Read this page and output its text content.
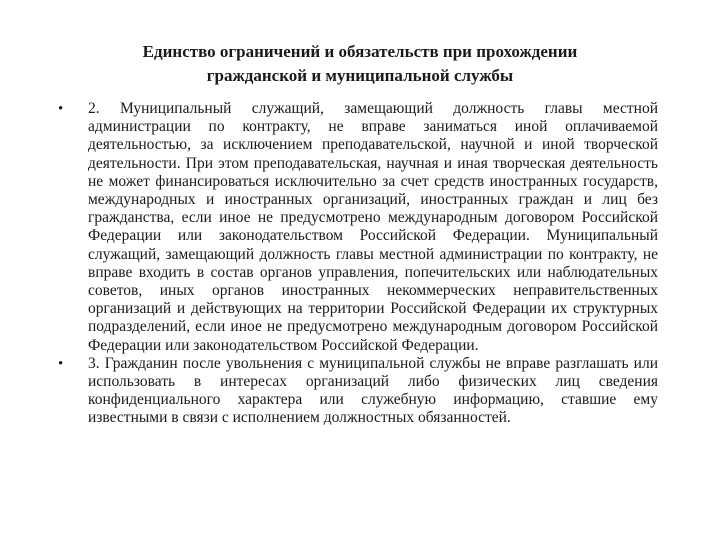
Единство ограничений и обязательств при прохождении
гражданской и муниципальной службы
•	2. Муниципальный служащий, замещающий должность главы местной администрации по контракту, не вправе заниматься иной оплачиваемой деятельностью, за исключением преподавательской, научной и иной творческой деятельности. При этом преподавательская, научная и иная творческая деятельность не может финансироваться исключительно за счет средств иностранных государств, международных и иностранных организаций, иностранных граждан и лиц без гражданства, если иное не предусмотрено международным договором Российской Федерации или законодательством Российской Федерации. Муниципальный служащий, замещающий должность главы местной администрации по контракту, не вправе входить в состав органов управления, попечительских или наблюдательных советов, иных органов иностранных некоммерческих неправительственных организаций и действующих на территории Российской Федерации их структурных подразделений, если иное не предусмотрено международным договором Российской Федерации или законодательством Российской Федерации.
•	3. Гражданин после увольнения с муниципальной службы не вправе разглашать или использовать в интересах организаций либо физических лиц сведения конфиденциального характера или служебную информацию, ставшие ему известными в связи с исполнением должностных обязанностей.
